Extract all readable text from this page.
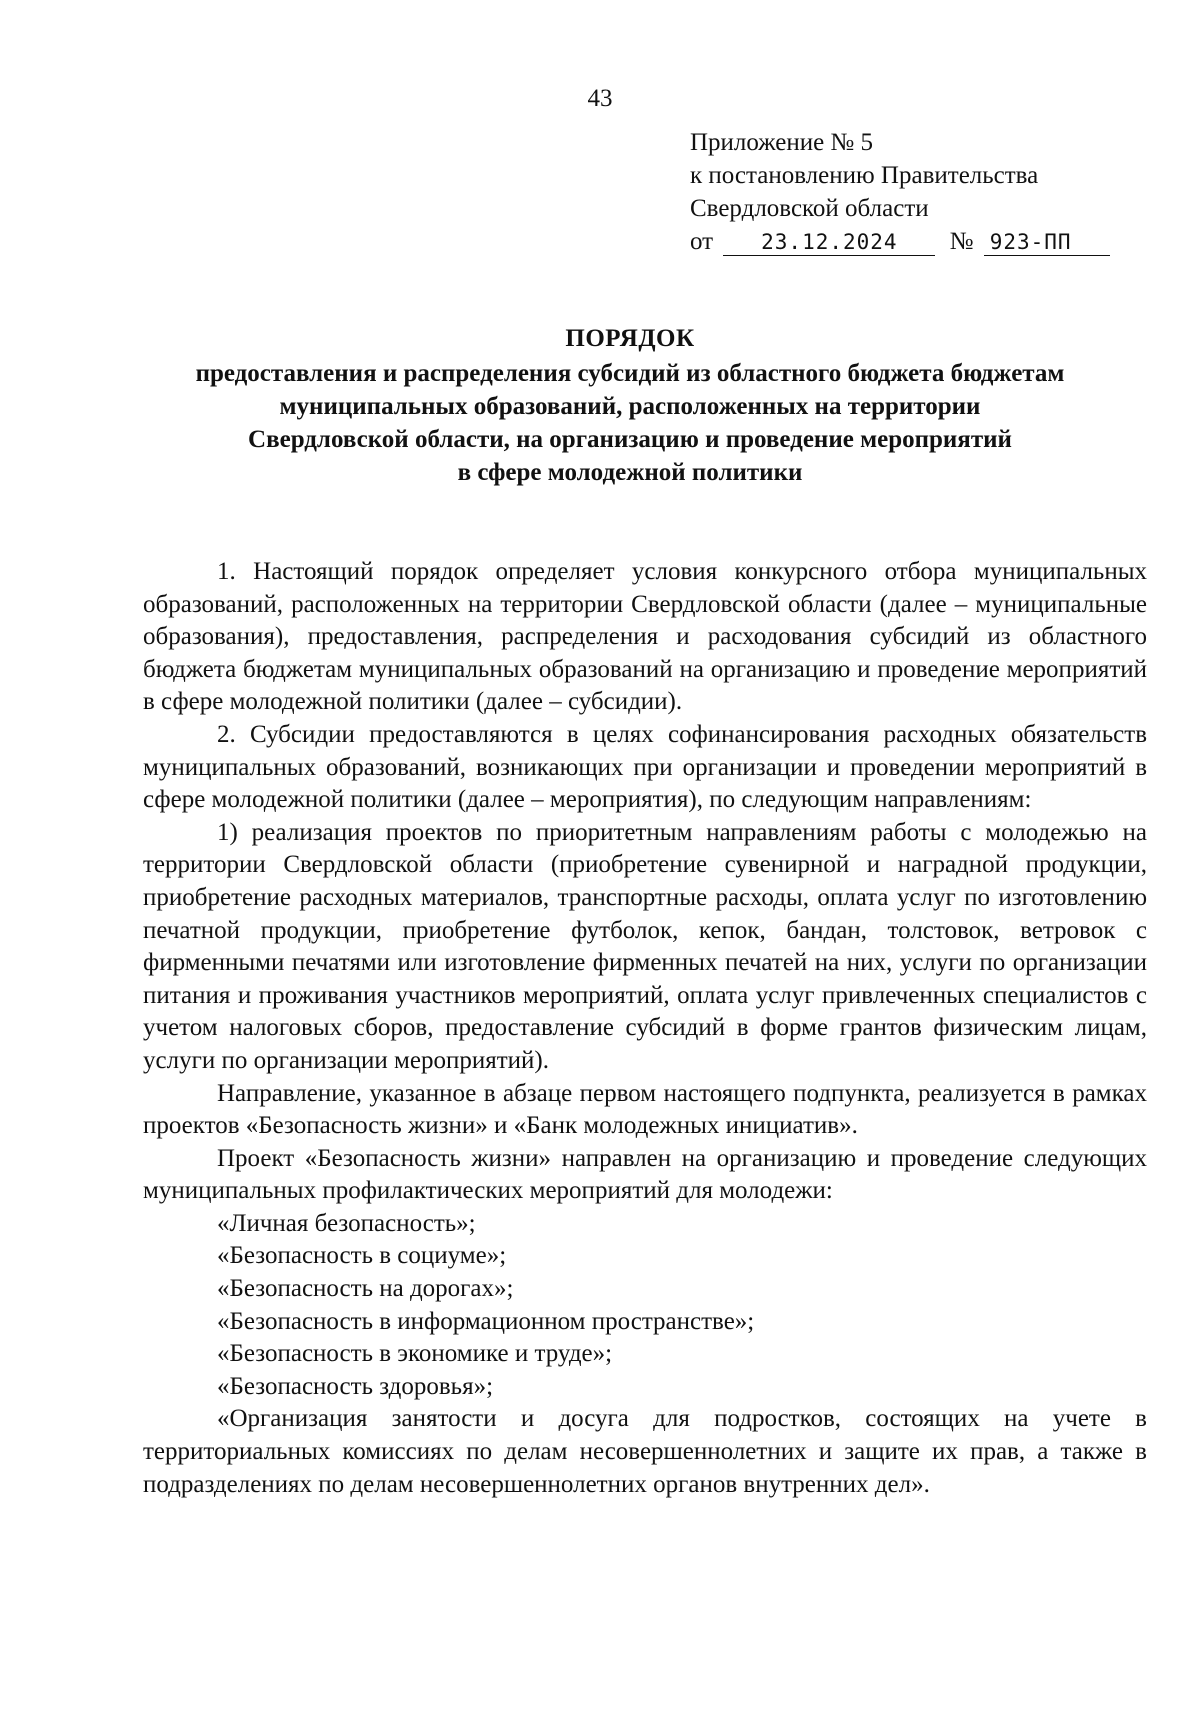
43
Приложение № 5
к постановлению Правительства
Свердловской области
от 23.12.2024 № 923-ПП
ПОРЯДОК
предоставления и распределения субсидий из областного бюджета бюджетам
муниципальных образований, расположенных на территории
Свердловской области, на организацию и проведение мероприятий
в сфере молодежной политики

1. Настоящий порядок определяет условия конкурсного отбора муниципальных образований, расположенных на территории Свердловской области (далее – муниципальные образования), предоставления, распределения и расходования субсидий из областного бюджета бюджетам муниципальных образований на организацию и проведение мероприятий в сфере молодежной политики (далее – субсидии).

2. Субсидии предоставляются в целях софинансирования расходных обязательств муниципальных образований, возникающих при организации и проведении мероприятий в сфере молодежной политики (далее – мероприятия), по следующим направлениям:

1) реализация проектов по приоритетным направлениям работы с молодежью на территории Свердловской области (приобретение сувенирной и наградной продукции, приобретение расходных материалов, транспортные расходы, оплата услуг по изготовлению печатной продукции, приобретение футболок, кепок, бандан, толстовок, ветровок с фирменными печатями или изготовление фирменных печатей на них, услуги по организации питания и проживания участников мероприятий, оплата услуг привлеченных специалистов с учетом налоговых сборов, предоставление субсидий в форме грантов физическим лицам, услуги по организации мероприятий).

Направление, указанное в абзаце первом настоящего подпункта, реализуется в рамках проектов «Безопасность жизни» и «Банк молодежных инициатив».

Проект «Безопасность жизни» направлен на организацию и проведение следующих муниципальных профилактических мероприятий для молодежи:

«Личная безопасность»;

«Безопасность в социуме»;

«Безопасность на дорогах»;

«Безопасность в информационном пространстве»;

«Безопасность в экономике и труде»;

«Безопасность здоровья»;

«Организация занятости и досуга для подростков, состоящих на учете в территориальных комиссиях по делам несовершеннолетних и защите их прав, а также в подразделениях по делам несовершеннолетних органов внутренних дел».
